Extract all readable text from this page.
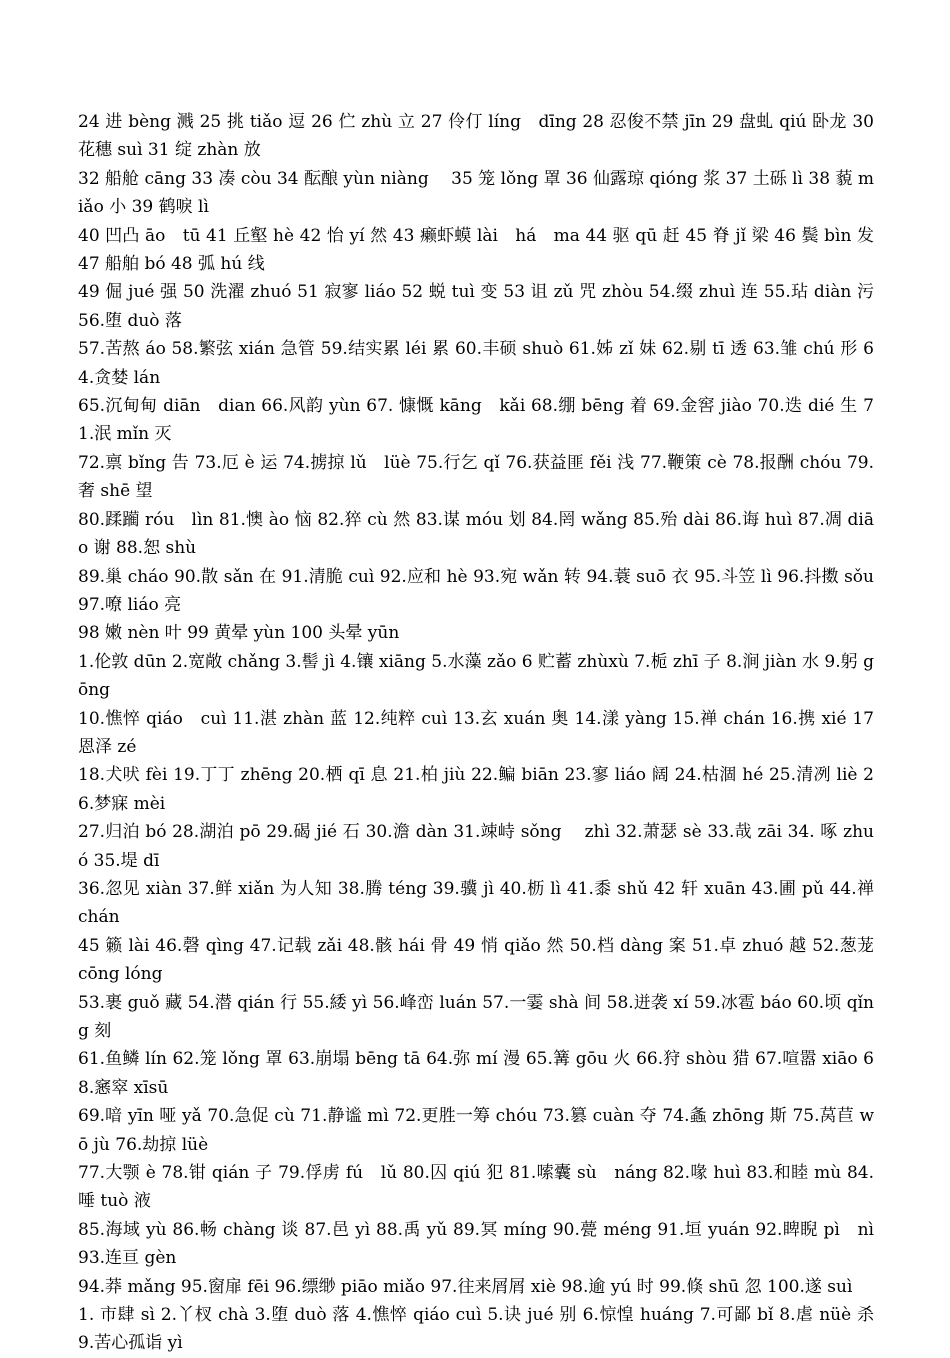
24 进 bèng 溅 25 挑 tiǎo 逗 26 伫 zhù 立 27 伶仃 líng　dīng 28 忍俊不禁 jīn 29 盘虬 qiú 卧龙 30 花穗 suì 31 绽 zhàn 放

32 船舱 cāng 33 凑 còu 34 酝酿 yùn niàng　 35 笼 lǒng 罩 36 仙露琼 qióng 浆 37 土砾 lì 38 藐 miǎo 小 39 鹤唳 lì

40 凹凸 āo　tū 41 丘壑 hè 42 怡 yí 然 43 癞虾蟆 lài　há　ma 44 驱 qū 赶 45 脊 jǐ 梁 46 鬓 bìn 发 47 船舶 bó 48 弧 hú 线

49 倔 jué 强 50 洗濯 zhuó 51 寂寥 liáo 52 蜕 tuì 变 53 诅 zǔ 咒 zhòu 54.缀 zhuì 连 55.玷 diàn 污 56.堕 duò 落

57.苦熬 áo 58.繁弦 xián 急管 59.结实累 léi 累 60.丰硕 shuò 61.姊 zǐ 妹 62.剔 tī 透 63.雏 chú 形 64.贪婪 lán

65.沉甸甸 diān　dian 66.风韵 yùn 67. 慷慨 kāng　kǎi 68.绷 bēng 着 69.金窖 jiào 70.迭 dié 生 71.泯 mǐn 灭

72.禀 bǐng 告 73.厄 è 运 74.掳掠 lǔ　lüè 75.行乞 qǐ 76.获益匪 fěi 浅 77.鞭策 cè 78.报酬 chóu 79.奢 shē 望

80.蹂躏 róu　lìn 81.懊 ào 恼 82.猝 cù 然 83.谋 móu 划 84.罔 wǎng 85.殆 dài 86.诲 huì 87.凋 diāo 谢 88.恕 shù

89.巢 cháo 90.散 sǎn 在 91.清脆 cuì 92.应和 hè 93.宛 wǎn 转 94.蓑 suō 衣 95.斗笠 lì 96.抖擞 sǒu 97.嘹 liáo 亮

98 嫩 nèn 叶 99 黄晕 yùn 100 头晕 yūn

1.伦敦 dūn 2.宽敞 chǎng 3.髻 jì 4.镶 xiāng 5.水藻 zǎo 6 贮蓄 zhùxù 7.栀 zhī 子 8.涧 jiàn 水 9.躬 gōng

10.憔悴 qiáo　cuì 11.湛 zhàn 蓝 12.纯粹 cuì 13.玄 xuán 奥 14.漾 yàng 15.禅 chán 16.携 xié 17 恩泽 zé

18.犬吠 fèi 19.丁丁 zhēng 20.栖 qī 息 21.柏 jiù 22.鳊 biān 23.寥 liáo 阔 24.枯涸 hé 25.清冽 liè 26.梦寐 mèi

27.归泊 bó 28.湖泊 pō 29.碣 jié 石 30.澹 dàn 31.竦峙 sǒng　 zhì 32.萧瑟 sè 33.哉 zāi 34. 啄 zhuó 35.堤 dī

36.忽见 xiàn 37.鲜 xiǎn 为人知 38.腾 téng 39.骥 jì 40.枥 lì 41.黍 shǔ 42 轩 xuān 43.圃 pǔ 44.禅 chán

45 籁 lài 46.磬 qìng 47.记载 zǎi 48.骸 hái 骨 49 悄 qiǎo 然 50.档 dàng 案 51.卓 zhuó 越 52.葱茏 cōng lóng

53.裹 guǒ 藏 54.潜 qián 行 55.緌 yì 56.峰峦 luán 57.一霎 shà 间 58.迸袭 xí 59.冰雹 báo 60.顷 qǐng 刻

61.鱼鳞 lín 62.笼 lǒng 罩 63.崩塌 bēng tā 64.弥 mí 漫 65.篝 gōu 火 66.狩 shòu 猎 67.喧嚣 xiāo 68.窸窣 xīsū

69.喑 yīn 哑 yǎ 70.急促 cù 71.静谧 mì 72.更胜一筹 chóu 73.篡 cuàn 夺 74.螽 zhōng 斯 75.莴苣 wō jù 76.劫掠 lüè

77.大颚 è 78.钳 qián 子 79.俘虏 fú　lǔ 80.囚 qiú 犯 81.嗦囊 sù　náng 82.喙 huì 83.和睦 mù 84.唾 tuò 液

85.海域 yù 86.畅 chàng 谈 87.邑 yì 88.禹 yǔ 89.冥 míng 90.甍 méng 91.垣 yuán 92.睥睨 pì　nì 93.连亘 gèn

94.莽 mǎng 95.窗扉 fēi 96.缥缈 piāo miǎo 97.往来屑屑 xiè 98.逾 yú 时 99.倏 shū 忽 100.遂 suì

1. 市肆 sì 2.丫杈 chà 3.堕 duò 落 4.憔悴 qiáo cuì 5.诀 jué 别 6.惊惶 huáng 7.可鄙 bǐ 8.虐 nüè 杀 9.苦心孤诣 yì
